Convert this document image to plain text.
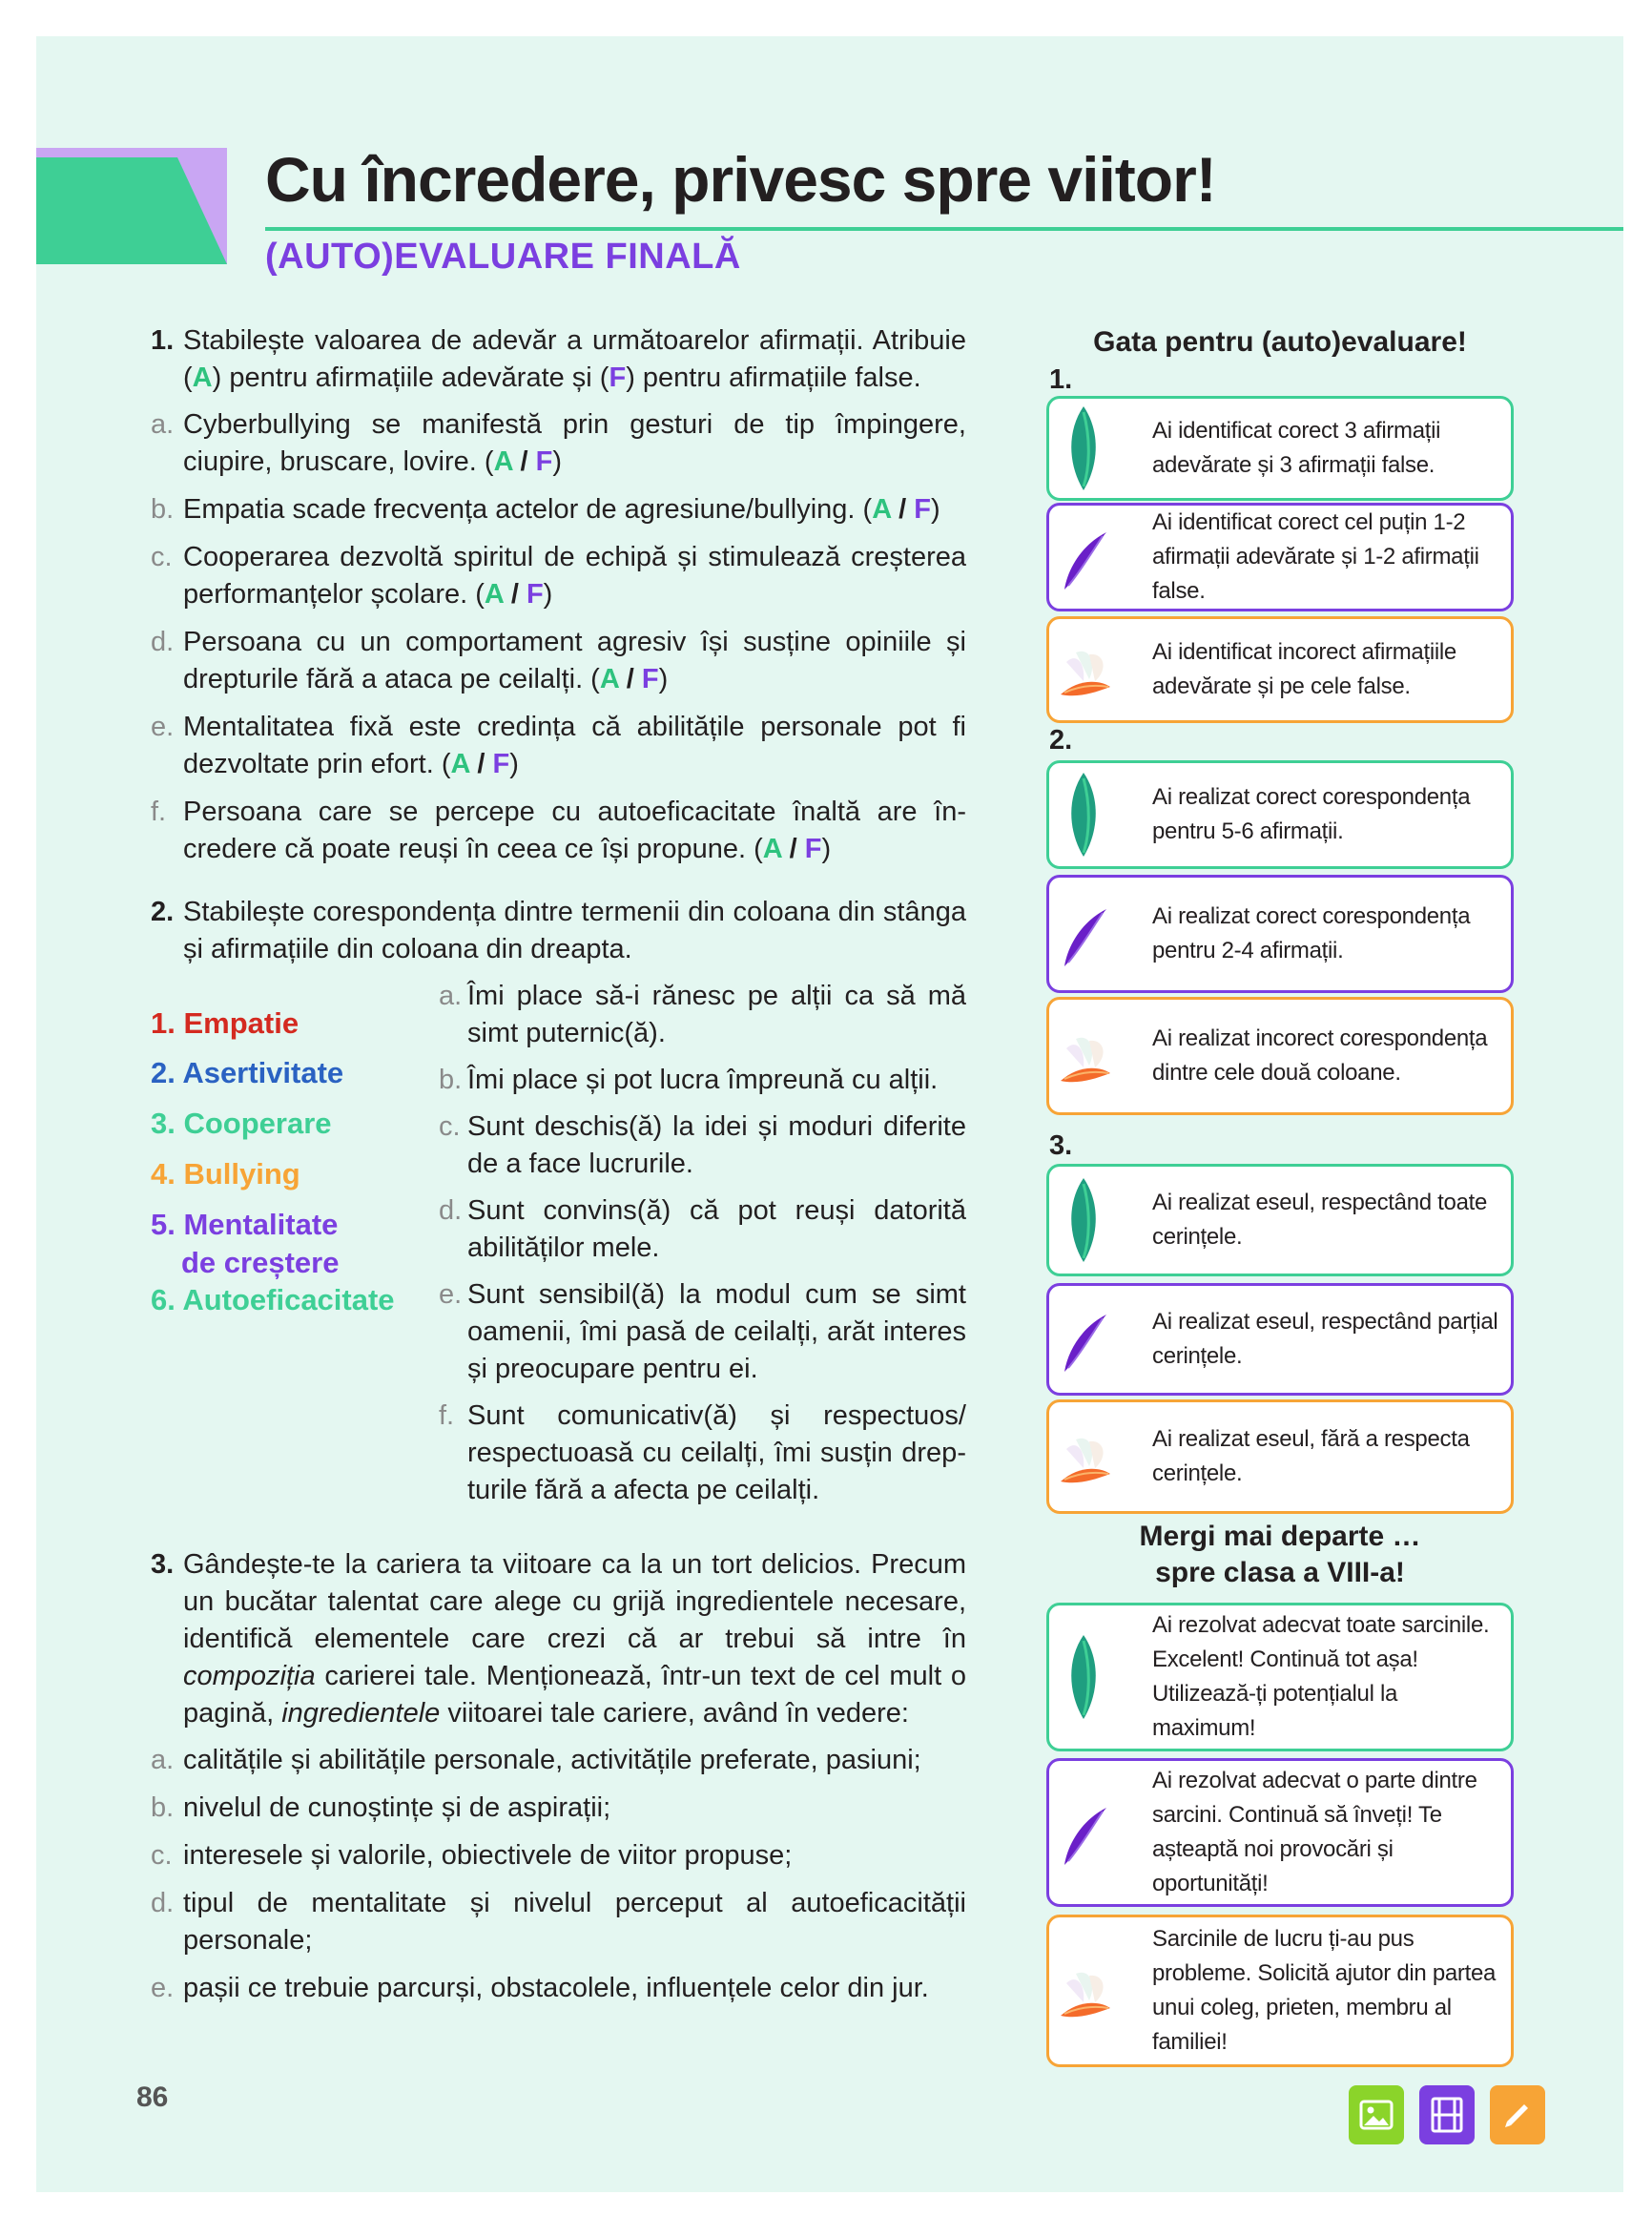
Cu încredere, privesc spre viitor!
(AUTO)EVALUARE FINALĂ
1. Stabilește valoarea de adevăr a următoarelor afirmații. Atribuie (A) pentru afirmațiile adevărate și (F) pentru afirmațiile false.
a. Cyberbullying se manifestă prin gesturi de tip împingere, ciupire, bruscare, lovire. (A / F)
b. Empatia scade frecvența actelor de agresiune/bullying. (A / F)
c. Cooperarea dezvoltă spiritul de echipă și stimulează creșterea performanțelor școlare. (A / F)
d. Persoana cu un comportament agresiv își susține opiniile și drepturile fără a ataca pe ceilalți. (A / F)
e. Mentalitatea fixă este credința că abilitățile personale pot fi dezvoltate prin efort. (A / F)
f. Persoana care se percepe cu autoeficacitate înaltă are încredere că poate reuși în ceea ce își propune. (A / F)
2. Stabilește corespondența dintre termenii din coloana din stânga și afirmațiile din coloana din dreapta.
1. Empatie
2. Asertivitate
3. Cooperare
4. Bullying
5. Mentalitate
de creștere
6. Autoeficacitate
a. Îmi place să-i rănesc pe alții ca să mă simt puternic(ă).
b. Îmi place și pot lucra împreună cu alții.
c. Sunt deschis(ă) la idei și moduri diferite de a face lucrurile.
d. Sunt convins(ă) că pot reuși datorită abilităților mele.
e. Sunt sensibil(ă) la modul cum se simt oamenii, îmi pasă de ceilalți, arăt interes și preocupare pentru ei.
f. Sunt comunicativ(ă) și respectuos/ respectuoasă cu ceilalți, îmi susțin drepturile fără a afecta pe ceilalți.
3. Gândește-te la cariera ta viitoare ca la un tort delicios. Precum un bucătar talentat care alege cu grijă ingredientele necesare, identifică elementele care crezi că ar trebui să intre în compoziția carierei tale. Menționează, într-un text de cel mult o pagină, ingredientele viitoarei tale cariere, având în vedere:
a. calitățile și abilitățile personale, activitățile preferate, pasiuni;
b. nivelul de cunoștințe și de aspirații;
c. interesele și valorile, obiectivele de viitor propuse;
d. tipul de mentalitate și nivelul perceput al autoeficacității personale;
e. pașii ce trebuie parcurși, obstacolele, influențele celor din jur.
Gata pentru (auto)evaluare!
1.
2.
3.
Mergi mai departe …
spre clasa a VIII-a!
Ai identificat corect 3 afirmații adevărate și 3 afirmații false.
Ai identificat corect cel puțin 1-2 afirmații adevărate și 1-2 afirmații false.
Ai identificat incorect afirmațiile adevărate și pe cele false.
Ai realizat corect corespondența pentru 5-6 afirmații.
Ai realizat corect corespondența pentru 2-4 afirmații.
Ai realizat incorect corespondența dintre cele două coloane.
Ai realizat eseul, respectând toate cerințele.
Ai realizat eseul, respectând parțial cerințele.
Ai realizat eseul, fără a respecta cerințele.
Ai rezolvat adecvat toate sarcinile. Excelent! Continuă tot așa! Utilizează-ți potențialul la maximum!
Ai rezolvat adecvat o parte dintre sarcini. Continuă să înveți! Te așteaptă noi provocări și oportunități!
Sarcinile de lucru ți-au pus probleme. Solicită ajutor din partea unui coleg, prieten, membru al familiei!
86
